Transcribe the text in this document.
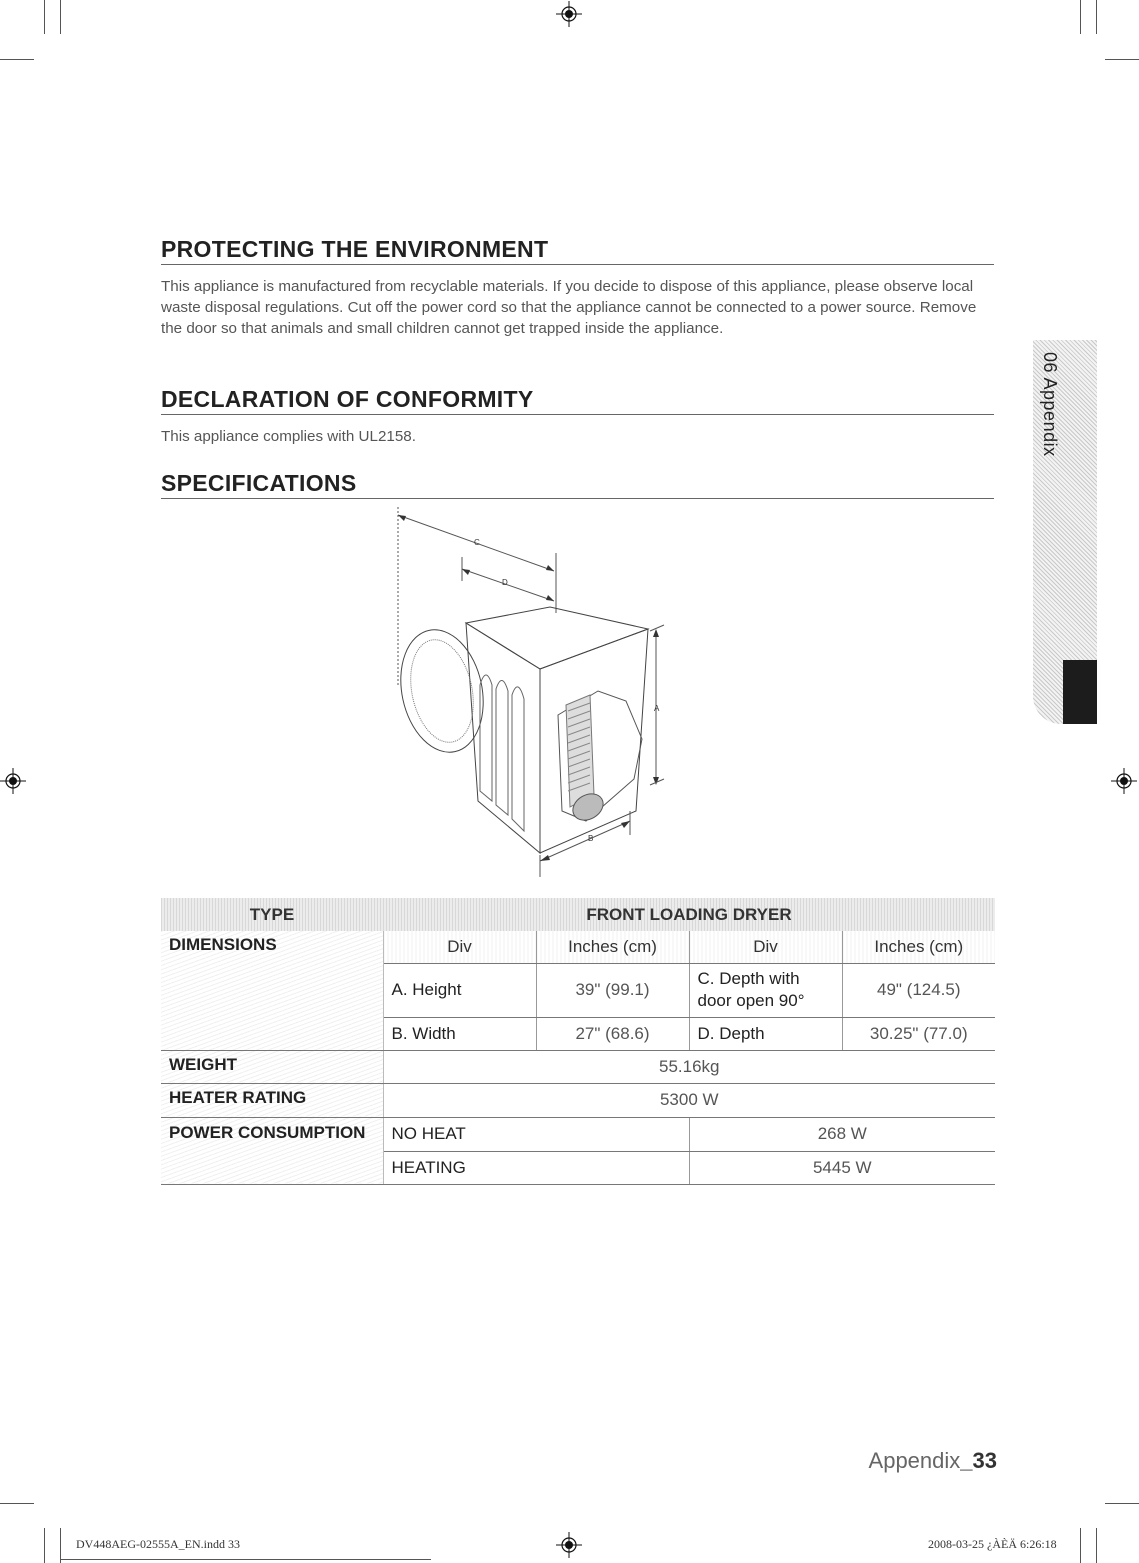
06 Appendix
PROTECTING THE ENVIRONMENT
This appliance is manufactured from recyclable materials. If you decide to dispose of this appliance, please observe local waste disposal regulations. Cut off the power cord so that the appliance cannot be connected to a power source. Remove the door so that animals and small children cannot get trapped inside the appliance.
DECLARATION OF CONFORMITY
This appliance complies with UL2158.
SPECIFICATIONS
C
D
A
B
TYPE	FRONT LOADING DRYER			
DIMENSIONS	Div	Inches (cm)	Div	Inches (cm)
	A. Height	39" (99.1)	C. Depth with door open 90°	49" (124.5)
	B. Width	27" (68.6)	D. Depth	30.25" (77.0)
WEIGHT	55.16kg			
HEATER RATING	5300 W			
POWER CONSUMPTION	NO HEAT		268 W	
	HEATING		5445 W	
Appendix_33
DV448AEG-02555A_EN.indd 33	2008-03-25 ¿ÀÈÄ 6:26:18
